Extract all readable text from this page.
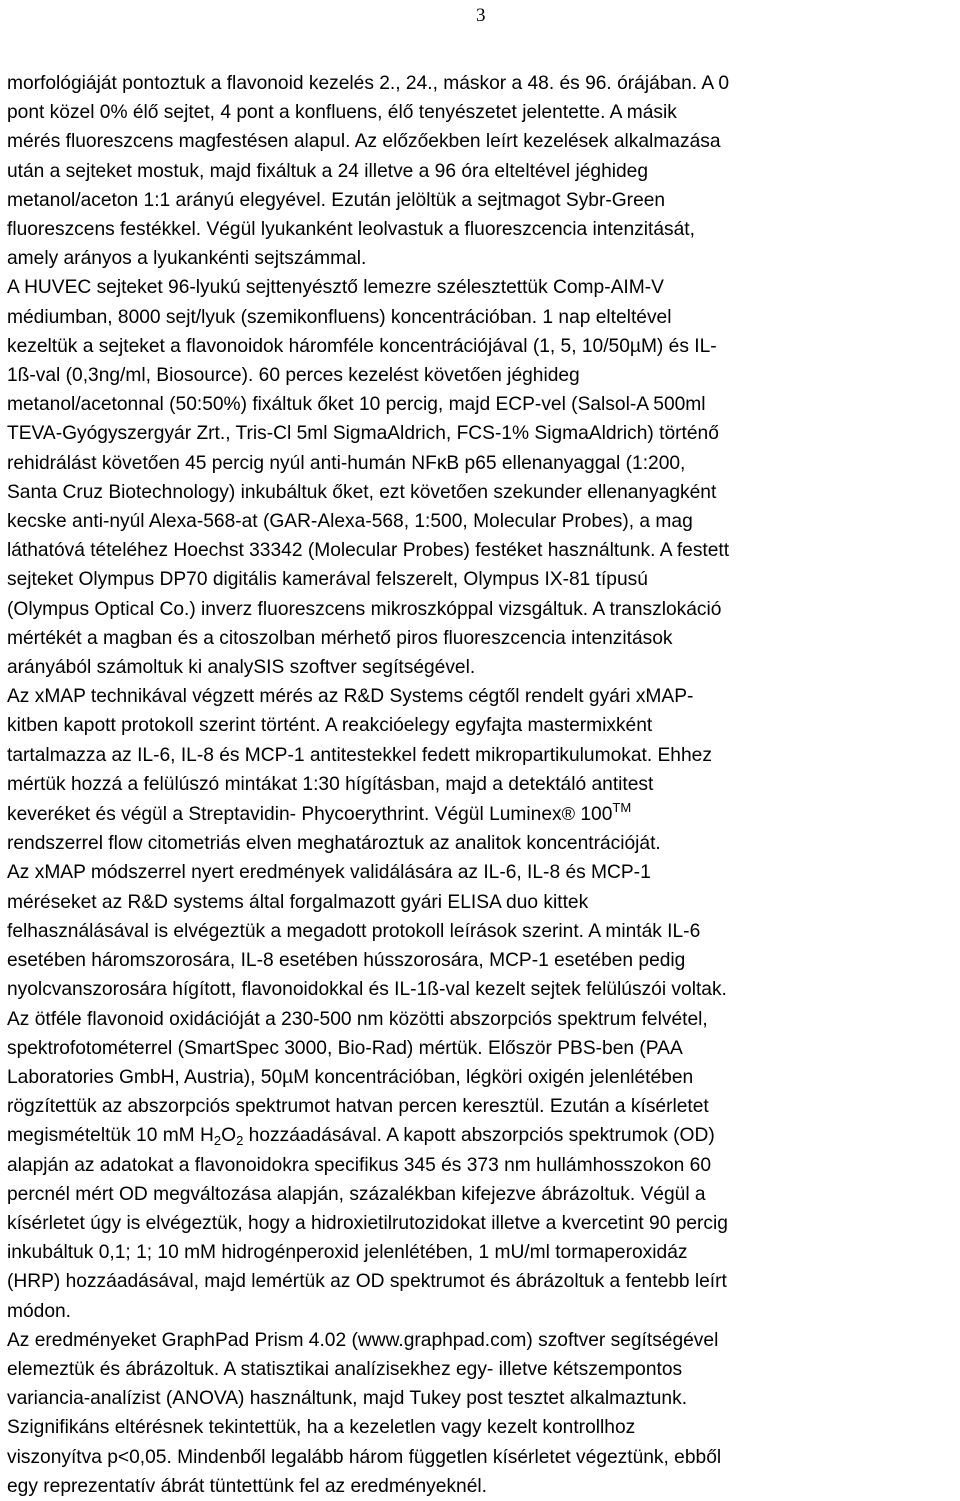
3

morfológiáját pontoztuk a flavonoid kezelés 2., 24., máskor a 48. és 96. órájában. A 0
pont közel 0% élő sejtet, 4 pont a konfluens, élő tenyészetet jelentette. A másik
mérés fluoreszcens magfestésen alapul. Az előzőekben leírt kezelések alkalmazása
után a sejteket mostuk, majd fixáltuk a 24 illetve a 96 óra elteltével jéghideg
metanol/aceton 1:1 arányú elegyével. Ezután jelöltük a sejtmagot Sybr-Green
fluoreszcens festékkel. Végül lyukanként leolvastuk a fluoreszcencia intenzitását,
amely arányos a lyukankénti sejtszámmal.

A HUVEC sejteket 96-lyukú sejttenyésztő lemezre szélesztettük Comp-AIM-V
médiumban, 8000 sejt/lyuk (szemikonfluens) koncentrációban. 1 nap elteltével
kezeltük a sejteket a flavonoidok háromféle koncentrációjával (1, 5, 10/50µM) és IL-
1ß-val (0,3ng/ml, Biosource). 60 perces kezelést követően jéghideg
metanol/acetonnal (50:50%) fixáltuk őket 10 percig, majd ECP-vel (Salsol-A 500ml
TEVA-Gyógyszergyár Zrt., Tris-Cl 5ml SigmaAldrich, FCS-1% SigmaAldrich) történő
rehidrálást követően 45 percig nyúl anti-humán NFκB p65 ellenanyaggal (1:200,
Santa Cruz Biotechnology) inkubáltuk őket, ezt követően szekunder ellenanyagként
kecske anti-nyúl Alexa-568-at (GAR-Alexa-568, 1:500, Molecular Probes), a mag
láthatóvá tételéhez Hoechst 33342 (Molecular Probes) festéket használtunk. A festett
sejteket Olympus DP70 digitális kamerával felszerelt, Olympus IX-81 típusú
(Olympus Optical Co.) inverz fluoreszcens mikroszkóppal vizsgáltuk. A transzlokáció
mértékét a magban és a citoszolban mérhető piros fluoreszcencia intenzitások
arányából számoltuk ki analySIS szoftver segítségével.

Az xMAP technikával végzett mérés az R&D Systems cégtől rendelt gyári xMAP-
kitben kapott protokoll szerint történt. A reakcióelegy egyfajta mastermixként
tartalmazza az IL-6, IL-8 és MCP-1 antitestekkel fedett mikropartikulumokat. Ehhez
mértük hozzá a felülúszó mintákat 1:30 hígításban, majd a detektáló antitest
keveréket és végül a Streptavidin- Phycoerythrint. Végül Luminex® 100™
rendszerrel flow citometriás elven meghatároztuk az analitok koncentrációját.

Az xMAP módszerrel nyert eredmények validálására az IL-6, IL-8 és MCP-1
méréseket az R&D systems által forgalmazott gyári ELISA duo kittek
felhasználásával is elvégeztük a megadott protokoll leírások szerint. A minták IL-6
esetében háromszorosára, IL-8 esetében hússzorosára, MCP-1 esetében pedig
nyolcvanszorosára hígított, flavonoidokkal és IL-1ß-val kezelt sejtek felülúszói voltak.

Az ötféle flavonoid oxidációját a 230-500 nm közötti abszorpciós spektrum felvétel,
spektrofotométerrel (SmartSpec 3000, Bio-Rad) mértük. Először PBS-ben (PAA
Laboratories GmbH, Austria), 50µM koncentrációban, légköri oxigén jelenlétében
rögzítettük az abszorpciós spektrumot hatvan percen keresztül. Ezután a kísérletet
megismételtük 10 mM $H_2O_2$ hozzáadásával. A kapott abszorpciós spektrumok (OD)
alapján az adatokat a flavonoidokra specifikus 345 és 373 nm hullámhosszokon 60
percnél mért OD megváltozása alapján, százalékban kifejezve ábrázoltuk. Végül a
kísérletet úgy is elvégeztük, hogy a hidroxietilrutozidokat illetve a kvercetint 90 percig
inkubáltuk 0,1; 1; 10 mM hidrogénperoxid jelenlétében, 1 mU/ml tormaperoxidáz
(HRP) hozzáadásával, majd lemértük az OD spektrumot és ábrázoltuk a fentebb leírt
módon.

Az eredményeket GraphPad Prism 4.02 (www.graphpad.com) szoftver segítségével
elemeztük és ábrázoltuk. A statisztikai analízisekhez egy- illetve kétszempontos
variancia-analízist (ANOVA) használtunk, majd Tukey post tesztet alkalmaztunk.
Szignifikáns eltérésnek tekintettük, ha a kezeletlen vagy kezelt kontrollhoz
viszonyítva p<0,05. Mindenből legalább három független kísérletet végeztünk, ebből
egy reprezentatív ábrát tüntettünk fel az eredményeknél.
